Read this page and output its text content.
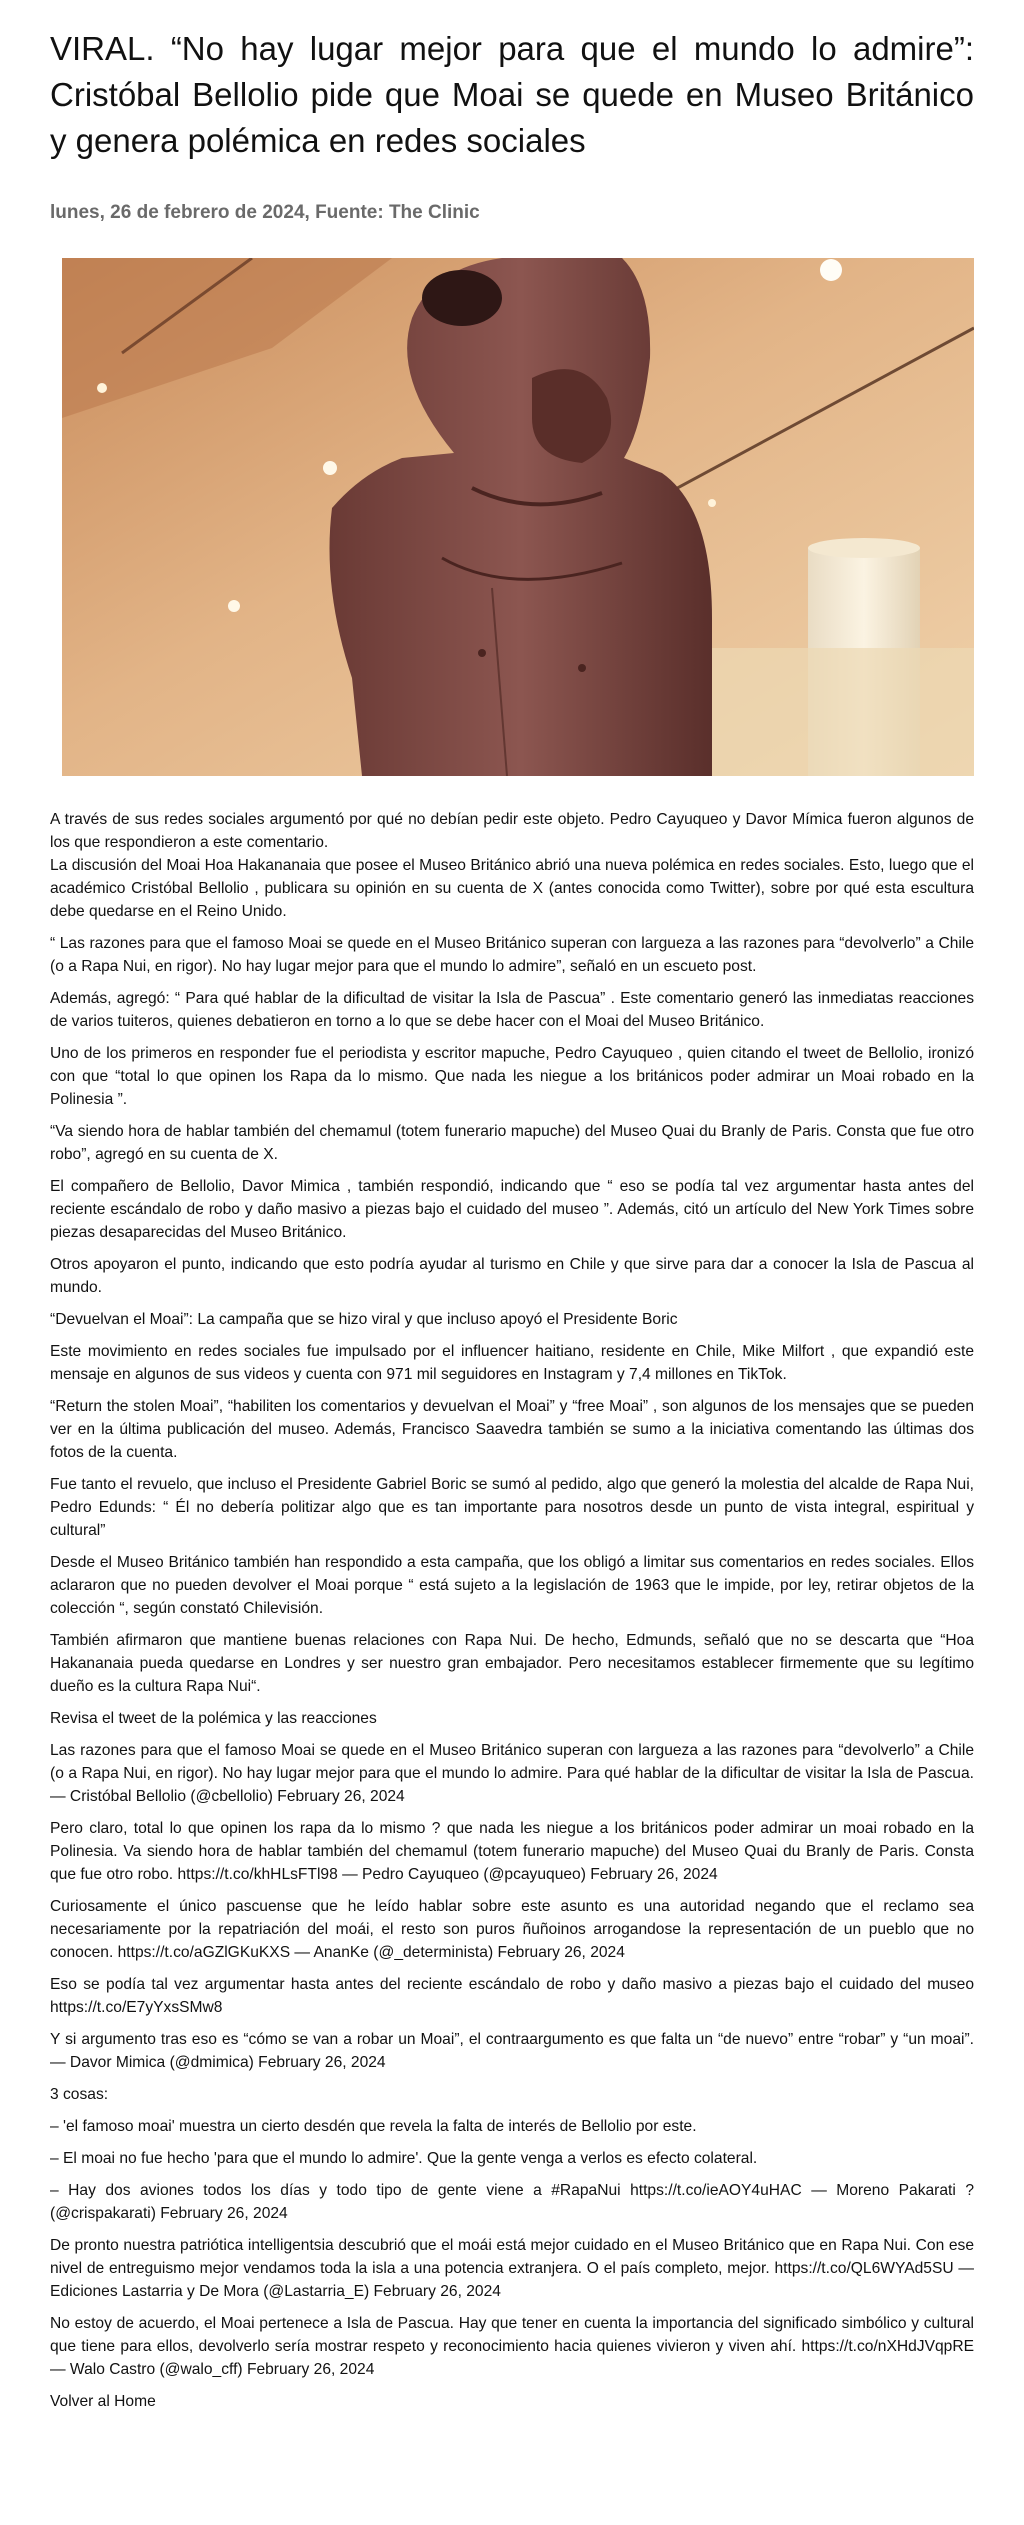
VIRAL. “No hay lugar mejor para que el mundo lo admire”: Cristóbal Bellolio pide que Moai se quede en Museo Británico y genera polémica en redes sociales
lunes, 26 de febrero de 2024, Fuente: The Clinic

A través de sus redes sociales argumentó por qué no debían pedir este objeto. Pedro Cayuqueo y Davor Mímica fueron algunos de los que respondieron a este comentario.

La discusión del Moai Hoa Hakananaia que posee el Museo Británico abrió una nueva polémica en redes sociales. Esto, luego que el académico Cristóbal Bellolio , publicara su opinión en su cuenta de X (antes conocida como Twitter), sobre por qué esta escultura debe quedarse en el Reino Unido.

“ Las razones para que el famoso Moai se quede en el Museo Británico superan con largueza a las razones para “devolverlo” a Chile (o a Rapa Nui, en rigor). No hay lugar mejor para que el mundo lo admire”, señaló en un escueto post.

Además, agregó: “ Para qué hablar de la dificultad de visitar la Isla de Pascua” . Este comentario generó las inmediatas reacciones de varios tuiteros, quienes debatieron en torno a lo que se debe hacer con el Moai del Museo Británico.

Uno de los primeros en responder fue el periodista y escritor mapuche, Pedro Cayuqueo , quien citando el tweet de Bellolio, ironizó con que “total lo que opinen los Rapa da lo mismo. Que nada les niegue a los británicos poder admirar un Moai robado en la Polinesia ”.

“Va siendo hora de hablar también del chemamul (totem funerario mapuche) del Museo Quai du Branly de Paris. Consta que fue otro robo”, agregó en su cuenta de X.

El compañero de Bellolio, Davor Mimica , también respondió, indicando que “ eso se podía tal vez argumentar hasta antes del reciente escándalo de robo y daño masivo a piezas bajo el cuidado del museo ”. Además, citó un artículo del New York Times sobre piezas desaparecidas del Museo Británico.

Otros apoyaron el punto, indicando que esto podría ayudar al turismo en Chile y que sirve para dar a conocer la Isla de Pascua al mundo.

“Devuelvan el Moai”: La campaña que se hizo viral y que incluso apoyó el Presidente Boric

Este movimiento en redes sociales fue impulsado por el influencer haitiano, residente en Chile, Mike Milfort , que expandió este mensaje en algunos de sus videos y cuenta con 971 mil seguidores en Instagram y 7,4 millones en TikTok.

“Return the stolen Moai”, “habiliten los comentarios y devuelvan el Moai” y “free Moai” , son algunos de los mensajes que se pueden ver en la última publicación del museo. Además, Francisco Saavedra también se sumo a la iniciativa comentando las últimas dos fotos de la cuenta.

Fue tanto el revuelo, que incluso el Presidente Gabriel Boric se sumó al pedido, algo que generó la molestia del alcalde de Rapa Nui, Pedro Edunds: “ Él no debería politizar algo que es tan importante para nosotros desde un punto de vista integral, espiritual y cultural”

Desde el Museo Británico también han respondido a esta campaña, que los obligó a limitar sus comentarios en redes sociales. Ellos aclararon que no pueden devolver el Moai porque “ está sujeto a la legislación de 1963 que le impide, por ley, retirar objetos de la colección “, según constató Chilevisión.

También afirmaron que mantiene buenas relaciones con Rapa Nui. De hecho, Edmunds, señaló que no se descarta que “Hoa Hakananaia pueda quedarse en Londres y ser nuestro gran embajador. Pero necesitamos establecer firmemente que su legítimo dueño es la cultura Rapa Nui“.

Revisa el tweet de la polémica y las reacciones

Las razones para que el famoso Moai se quede en el Museo Británico superan con largueza a las razones para “devolverlo” a Chile (o a Rapa Nui, en rigor). No hay lugar mejor para que el mundo lo admire. Para qué hablar de la dificultar de visitar la Isla de Pascua. — Cristóbal Bellolio (@cbellolio) February 26, 2024

Pero claro, total lo que opinen los rapa da lo mismo ? que nada les niegue a los británicos poder admirar un moai robado en la Polinesia. Va siendo hora de hablar también del chemamul (totem funerario mapuche) del Museo Quai du Branly de Paris. Consta que fue otro robo. https://t.co/khHLsFTl98 — Pedro Cayuqueo (@pcayuqueo) February 26, 2024

Curiosamente el único pascuense que he leído hablar sobre este asunto es una autoridad negando que el reclamo sea necesariamente por la repatriación del moái, el resto son puros ñuñoinos arrogandose la representación de un pueblo que no conocen. https://t.co/aGZlGKuKXS — AnanKe (@_determinista) February 26, 2024

Eso se podía tal vez argumentar hasta antes del reciente escándalo de robo y daño masivo a piezas bajo el cuidado del museo https://t.co/E7yYxsSMw8

Y si argumento tras eso es “cómo se van a robar un Moai”, el contraargumento es que falta un “de nuevo” entre “robar” y “un moai”. — Davor Mimica (@dmimica) February 26, 2024

3 cosas:

– 'el famoso moai' muestra un cierto desdén que revela la falta de interés de Bellolio por este.

– El moai no fue hecho 'para que el mundo lo admire'. Que la gente venga a verlos es efecto colateral.

– Hay dos aviones todos los días y todo tipo de gente viene a #RapaNui https://t.co/ieAOY4uHAC — Moreno Pakarati ?(@crispakarati) February 26, 2024

De pronto nuestra patriótica intelligentsia descubrió que el moái está mejor cuidado en el Museo Británico que en Rapa Nui. Con ese nivel de entreguismo mejor vendamos toda la isla a una potencia extranjera. O el país completo, mejor. https://t.co/QL6WYAd5SU — Ediciones Lastarria y De Mora (@Lastarria_E) February 26, 2024

No estoy de acuerdo, el Moai pertenece a Isla de Pascua. Hay que tener en cuenta la importancia del significado simbólico y cultural que tiene para ellos, devolverlo sería mostrar respeto y reconocimiento hacia quienes vivieron y viven ahí. https://t.co/nXHdJVqpRE — Walo Castro (@walo_cff) February 26, 2024

Volver al Home
